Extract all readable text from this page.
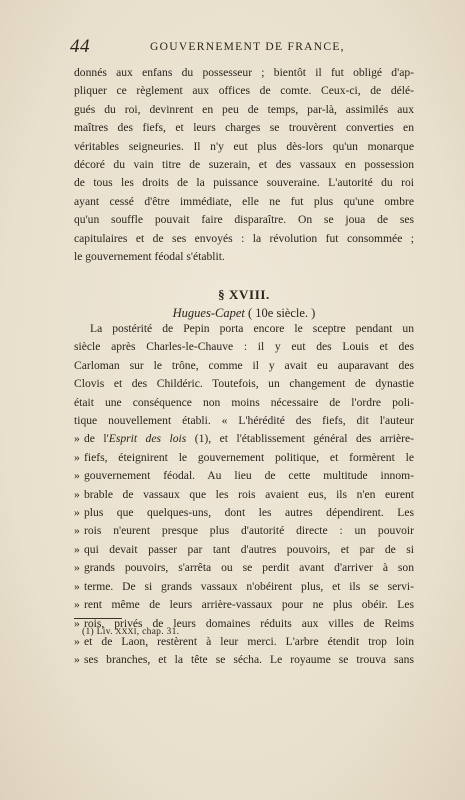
44	GOUVERNEMENT DE FRANCE,
donnés aux enfans du possesseur ; bientôt il fut obligé d'ap-
pliquer ce règlement aux offices de comte. Ceux-ci, de délé-
gués du roi, devinrent en peu de temps, par-là, assimilés aux
maîtres des fiefs, et leurs charges se trouvèrent converties en
véritables seigneuries. Il n'y eut plus dès-lors qu'un monarque
décoré du vain titre de suzerain, et des vassaux en possession
de tous les droits de la puissance souveraine. L'autorité du roi
ayant cessé d'être immédiate, elle ne fut plus qu'une ombre
qu'un souffle pouvait faire disparaître. On se joua de ses
capitulaires et de ses envoyés : la révolution fut consommée ;
le gouvernement féodal s'établit.
§ XVIII.
Hugues-Capet ( 10e siècle. )
La postérité de Pepin porta encore le sceptre pendant un
siècle après Charles-le-Chauve : il y eut des Louis et des
Carloman sur le trône, comme il y avait eu auparavant des
Clovis et des Childéric. Toutefois, un changement de dynastie
était une conséquence non moins nécessaire de l'ordre poli-
tique nouvellement établi. « L'hérédité des fiefs, dit l'auteur
» de l'Esprit des lois (1), et l'établissement général des arrière-
» fiefs, éteignirent le gouvernement politique, et formèrent le
» gouvernement féodal. Au lieu de cette multitude innom-
» brable de vassaux que les rois avaient eus, ils n'en eurent
» plus que quelques-uns, dont les autres dépendirent. Les
» rois n'eurent presque plus d'autorité directe : un pouvoir
» qui devait passer par tant d'autres pouvoirs, et par de si
» grands pouvoirs, s'arrêta ou se perdit avant d'arriver à son
» terme. De si grands vassaux n'obéirent plus, et ils se servi-
» rent même de leurs arrière-vassaux pour ne plus obéir. Les
» rois, privés de leurs domaines réduits aux villes de Reims
» et de Laon, restèrent à leur merci. L'arbre étendit trop loin
» ses branches, et la tête se sécha. Le royaume se trouva sans
(1) Liv. XXXI, chap. 31.
